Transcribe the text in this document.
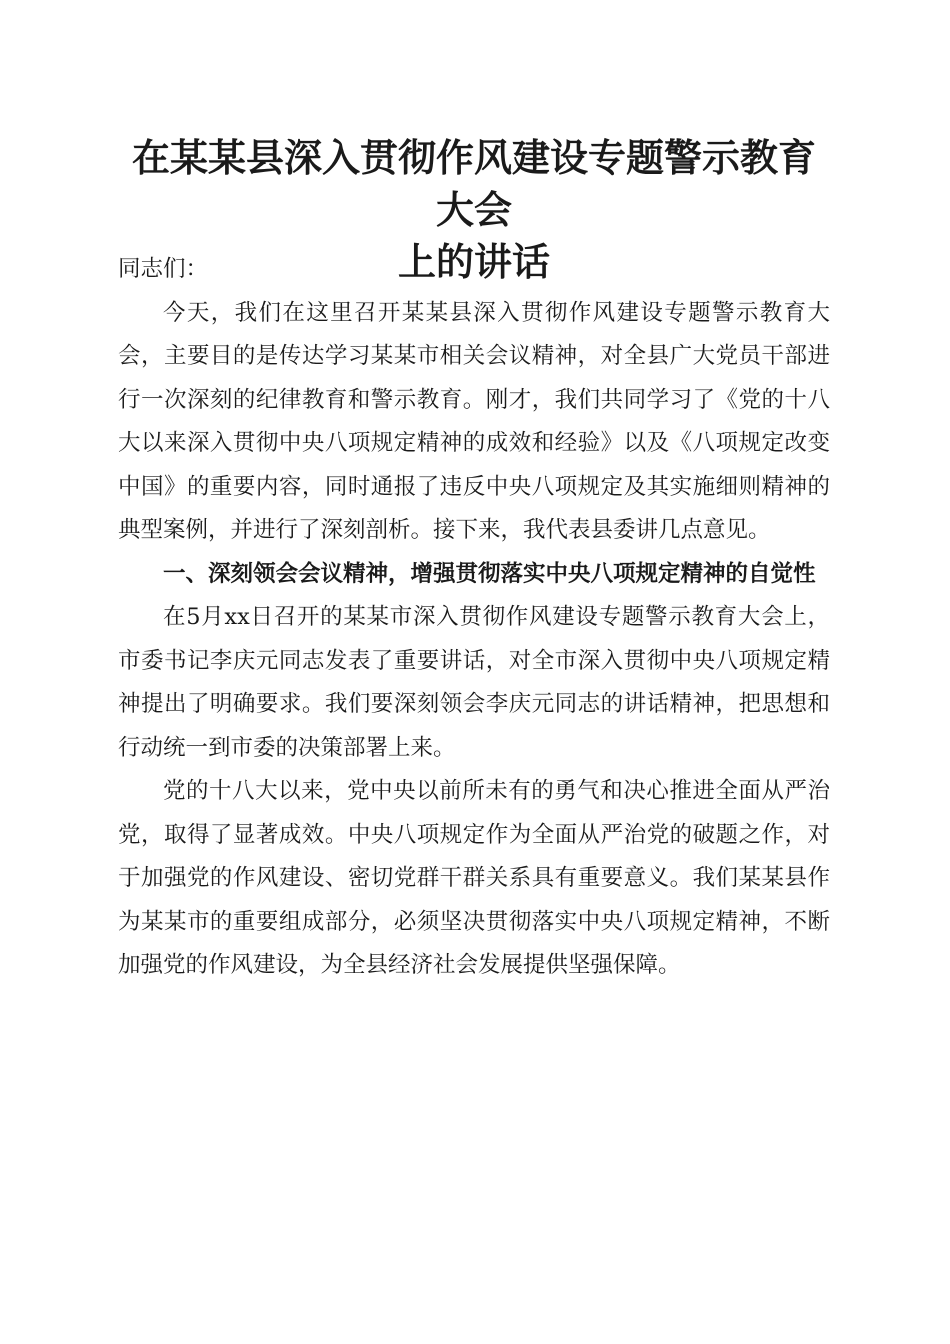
在某某县深入贯彻作风建设专题警示教育大会
上的讲话

同志们：

今天，我们在这里召开某某县深入贯彻作风建设专题警示教育大会，主要目的是传达学习某某市相关会议精神，对全县广大党员干部进行一次深刻的纪律教育和警示教育。刚才，我们共同学习了《党的十八大以来深入贯彻中央八项规定精神的成效和经验》以及《八项规定改变中国》的重要内容，同时通报了违反中央八项规定及其实施细则精神的典型案例，并进行了深刻剖析。接下来，我代表县委讲几点意见。

一、深刻领会会议精神，增强贯彻落实中央八项规定精神的自觉性

在5月xx日召开的某某市深入贯彻作风建设专题警示教育大会上，市委书记李庆元同志发表了重要讲话，对全市深入贯彻中央八项规定精神提出了明确要求。我们要深刻领会李庆元同志的讲话精神，把思想和行动统一到市委的决策部署上来。

党的十八大以来，党中央以前所未有的勇气和决心推进全面从严治党，取得了显著成效。中央八项规定作为全面从严治党的破题之作，对于加强党的作风建设、密切党群干群关系具有重要意义。我们某某县作为某某市的重要组成部分，必须坚决贯彻落实中央八项规定精神，不断加强党的作风建设，为全县经济社会发展提供坚强保障。
